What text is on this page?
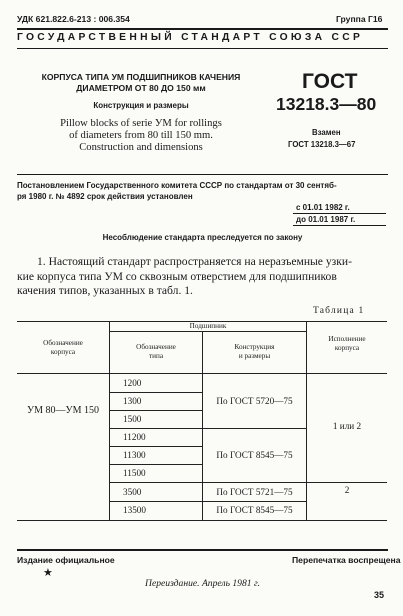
УДК 621.822.6-213 : 006.354	Группа Г16
ГОСУДАРСТВЕННЫЙ СТАНДАРТ СОЮЗА ССР
КОРПУСА ТИПА УМ ПОДШИПНИКОВ КАЧЕНИЯ
ДИАМЕТРОМ ОТ 80 ДО 150 мм
Конструкция и размеры
Pillow blocks of serie УМ for rollings
of diameters from 80 till 150 mm.
Construction and dimensions
ГОСТ
13218.3—80
Взамен
ГОСТ 13218.3—67
Постановлением Государственного комитета СССР по стандартам от 30 сентяб-
ря 1980 г. № 4892 срок действия установлен
с 01.01 1982 г.
до 01.01 1987 г.
Несоблюдение стандарта преследуется по закону
1. Настоящий стандарт распространяется на неразъемные узки-
кие корпуса типа УМ со сквозным отверстием для подшипников
качения типов, указанных в табл. 1.
Таблица 1
Обозначение
корпуса
Подшипник
Обозначение
типа
Конструкция
и размеры
Исполнение
корпуса
УМ 80—УМ 150
1200
1300
1500
11200
11300
11500
3500
13500
По ГОСТ 5720—75
По ГОСТ 8545—75
По ГОСТ 5721—75
По ГОСТ 8545—75
1 или 2
2
Издание официальное	Перепечатка воспрещена
★
Переиздание. Апрель 1981 г.
35
